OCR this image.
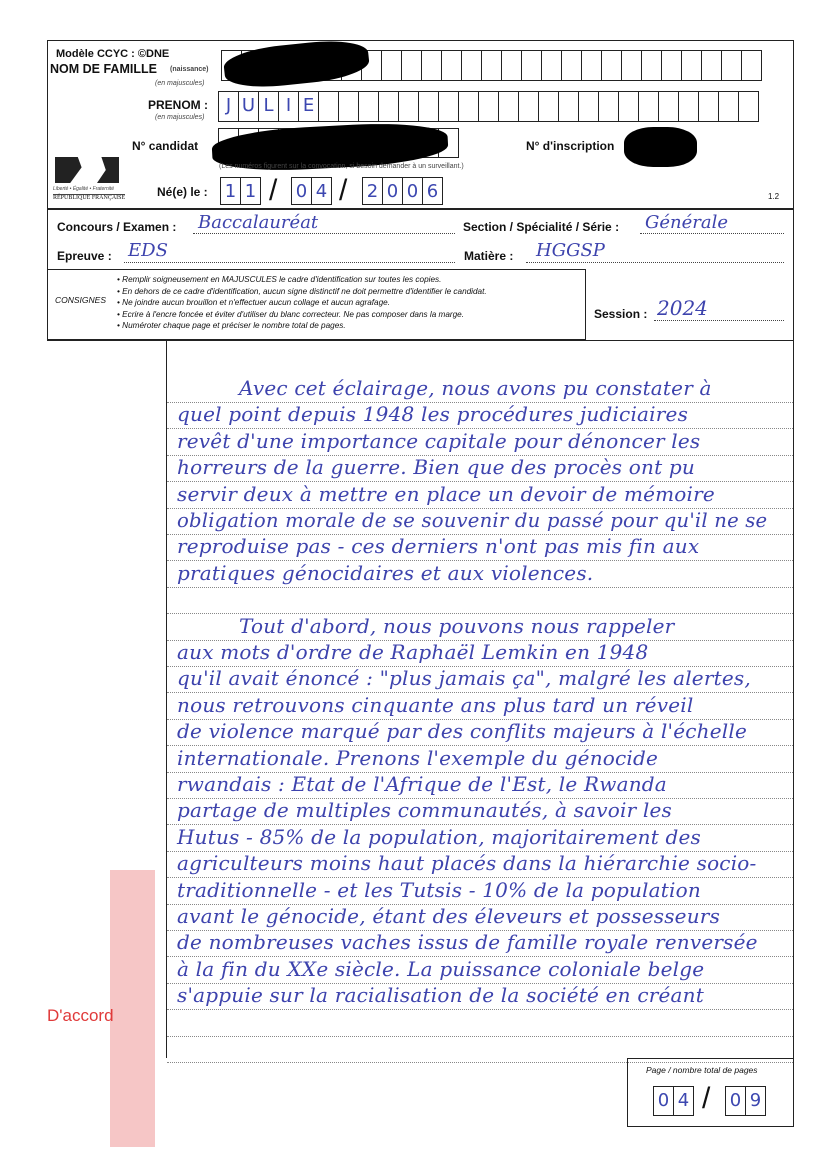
Modèle CCYC : ©DNE
NOM DE FAMILLE (naissance)
(en majuscules)
PRENOM :
(en majuscules)
J U L I E
N° candidat	N° d'inscription
(Les numéros figurent sur la convocation, si besoin demander à un surveillant.)
Liberté • Égalité • Fraternité
RÉPUBLIQUE FRANÇAISE	Né(e) le : 1 1 / 0 4 / 2 0 0 6	1.2
Concours / Examen : Baccalauréat	Section / Spécialité / Série : Générale
Epreuve : EDS	Matière : HGGSP
CONSIGNES
• Remplir soigneusement en MAJUSCULES le cadre d'identification sur toutes les copies.
• En dehors de ce cadre d'identification, aucun signe distinctif ne doit permettre d'identifier le candidat.
• Ne joindre aucun brouillon et n'effectuer aucun collage et aucun agrafage.
• Ecrire à l'encre foncée et éviter d'utiliser du blanc correcteur. Ne pas composer dans la marge.
• Numéroter chaque page et préciser le nombre total de pages.
Session : 2024
Avec cet éclairage, nous avons pu constater à
quel point depuis 1948 les procédures judiciaires
revêt d'une importance capitale pour dénoncer les
horreurs de la guerre. Bien que des procès ont pu
servir deux à mettre en place un devoir de mémoire
obligation morale de se souvenir du passé pour qu'il ne se
reproduise pas - ces derniers n'ont pas mis fin aux
pratiques génocidaires et aux violences.
Tout d'abord, nous pouvons nous rappeler
aux mots d'ordre de Raphaël Lemkin en 1948
qu'il avait énoncé : "plus jamais ça", malgré les alertes,
nous retrouvons cinquante ans plus tard un réveil
de violence marqué par des conflits majeurs à l'échelle
internationale. Prenons l'exemple du génocide
rwandais : Etat de l'Afrique de l'Est, le Rwanda
partage de multiples communautés, à savoir les
Hutus - 85% de la population, majoritairement des
agriculteurs moins haut placés dans la hiérarchie socio-
traditionnelle - et les Tutsis - 10% de la population
avant le génocide, étant des éleveurs et possesseurs
de nombreuses vaches issus de famille royale renversée
à la fin du XXe siècle. La puissance coloniale belge
s'appuie sur la racialisation de la société en créant
D'accord
Page / nombre total de pages
0 4 / 0 9
